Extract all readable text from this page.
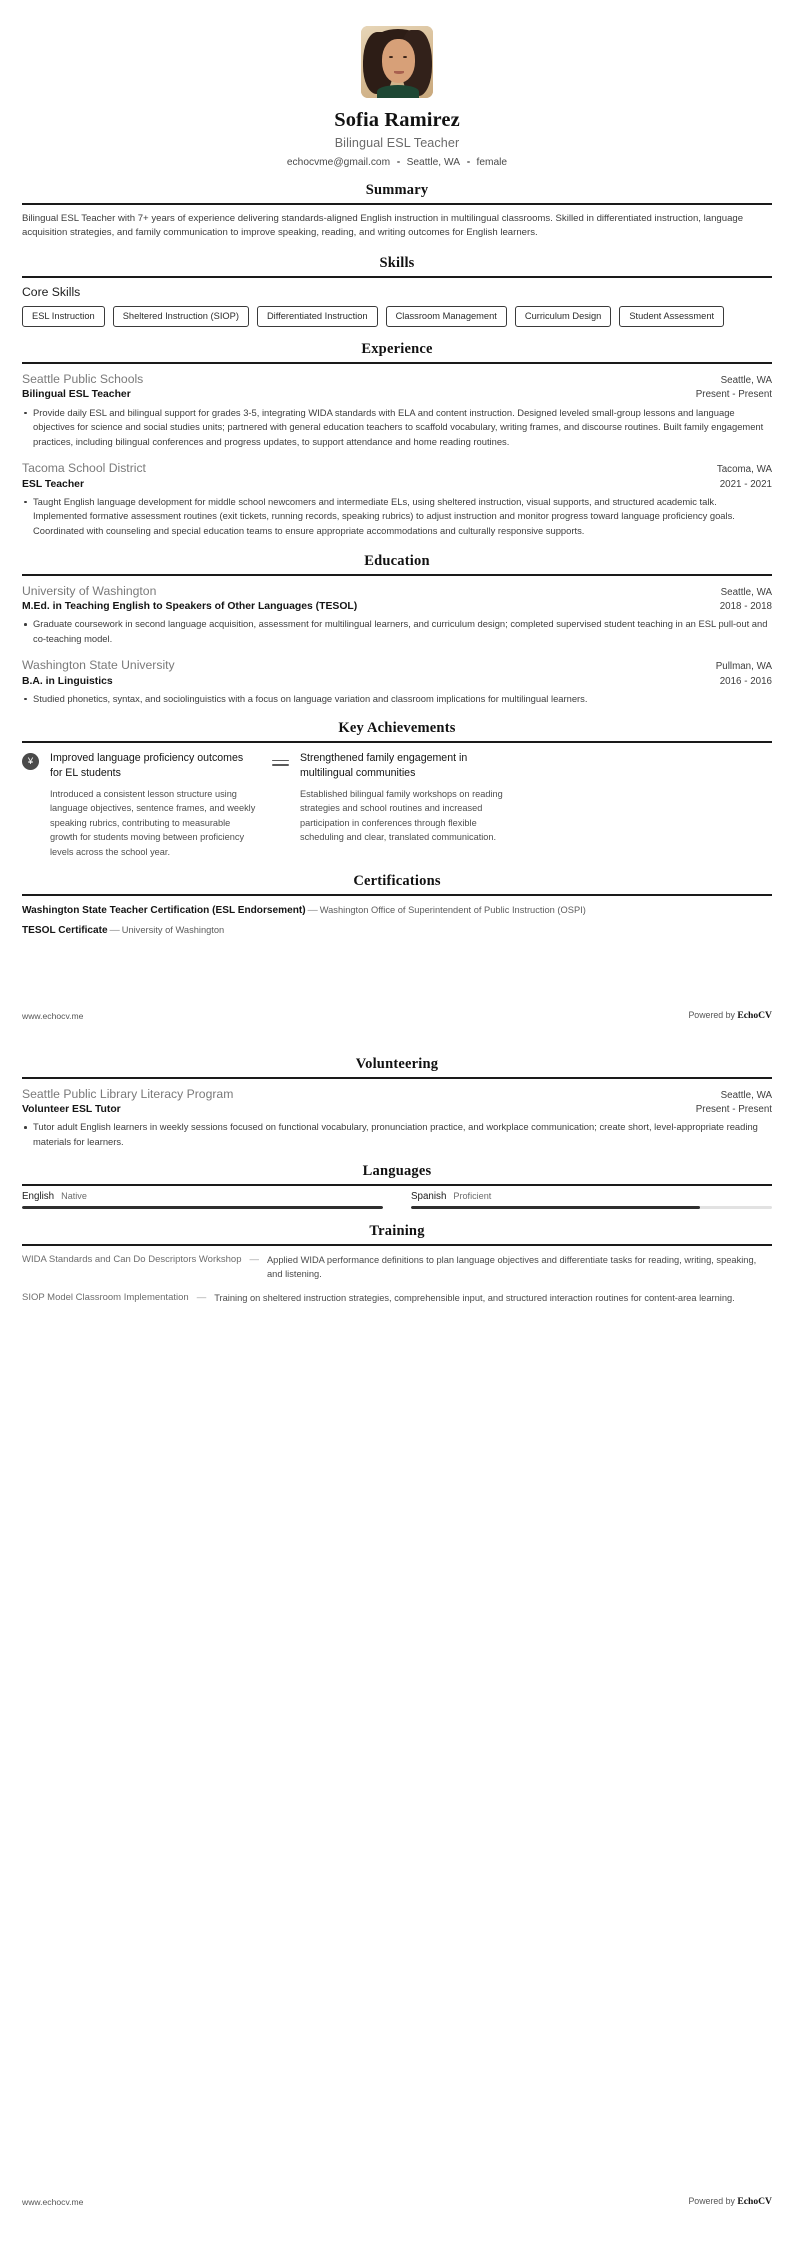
Sofia Ramirez
Bilingual ESL Teacher
echocvme@gmail.com Seattle, WA female
Summary
Bilingual ESL Teacher with 7+ years of experience delivering standards-aligned English instruction in multilingual classrooms. Skilled in differentiated instruction, language acquisition strategies, and family communication to improve speaking, reading, and writing outcomes for English learners.
Skills
Core Skills
ESL Instruction	Sheltered Instruction (SIOP)	Differentiated Instruction	Classroom Management	Curriculum Design	Student Assessment
Experience
Seattle Public Schools	Seattle, WA
Bilingual ESL Teacher	Present - Present
Provide daily ESL and bilingual support for grades 3-5, integrating WIDA standards with ELA and content instruction. Designed leveled small-group lessons and language objectives for science and social studies units; partnered with general education teachers to scaffold vocabulary, writing frames, and discourse routines. Built family engagement practices, including bilingual conferences and progress updates, to support attendance and home reading routines.
Tacoma School District	Tacoma, WA
ESL Teacher	2021 - 2021
Taught English language development for middle school newcomers and intermediate ELs, using sheltered instruction, visual supports, and structured academic talk. Implemented formative assessment routines (exit tickets, running records, speaking rubrics) to adjust instruction and monitor progress toward language proficiency goals. Coordinated with counseling and special education teams to ensure appropriate accommodations and culturally responsive supports.
Education
University of Washington	Seattle, WA
M.Ed. in Teaching English to Speakers of Other Languages (TESOL)	2018 - 2018
Graduate coursework in second language acquisition, assessment for multilingual learners, and curriculum design; completed supervised student teaching in an ESL pull-out and co-teaching model.
Washington State University	Pullman, WA
B.A. in Linguistics	2016 - 2016
Studied phonetics, syntax, and sociolinguistics with a focus on language variation and classroom implications for multilingual learners.
Key Achievements
¥	Improved language proficiency outcomes for EL students
Introduced a consistent lesson structure using language objectives, sentence frames, and weekly speaking rubrics, contributing to measurable growth for students moving between proficiency levels across the school year.
Strengthened family engagement in multilingual communities
Established bilingual family workshops on reading strategies and school routines and increased participation in conferences through flexible scheduling and clear, translated communication.
Certifications
Washington State Teacher Certification (ESL Endorsement) — Washington Office of Superintendent of Public Instruction (OSPI)
TESOL Certificate — University of Washington
www.echocv.me	Powered by EchoCV
Volunteering
Seattle Public Library Literacy Program	Seattle, WA
Volunteer ESL Tutor	Present - Present
Tutor adult English learners in weekly sessions focused on functional vocabulary, pronunciation practice, and workplace communication; create short, level-appropriate reading materials for learners.
Languages
English Native	Spanish Proficient
Training
WIDA Standards and Can Do Descriptors Workshop — Applied WIDA performance definitions to plan language objectives and differentiate tasks for reading, writing, speaking, and listening.
SIOP Model Classroom Implementation — Training on sheltered instruction strategies, comprehensible input, and structured interaction routines for content-area learning.
www.echocv.me	Powered by EchoCV
